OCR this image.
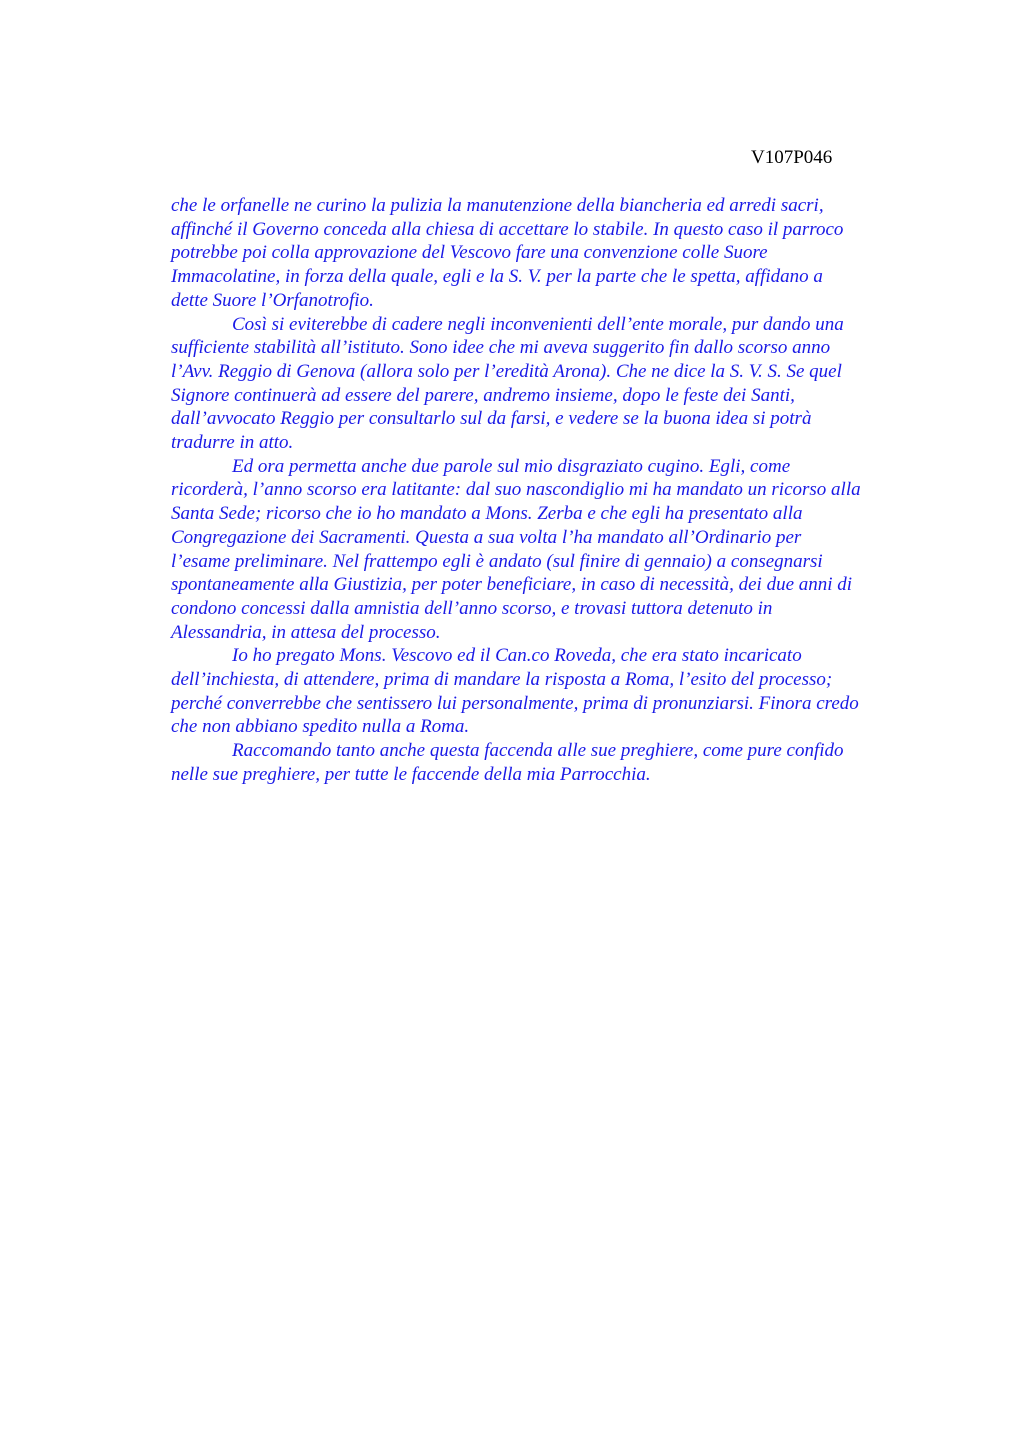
V107P046

che le orfanelle ne curino la pulizia la manutenzione della biancheria ed arredi sacri,
affinché il Governo conceda alla chiesa di accettare lo stabile. In questo caso il parroco
potrebbe poi colla approvazione del Vescovo fare una convenzione colle Suore
Immacolatine, in forza della quale, egli e la S. V. per la parte che le spetta, affidano a
dette Suore l’Orfanotrofio.

Così si eviterebbe di cadere negli inconvenienti dell’ente morale, pur dando una
sufficiente stabilità all’istituto. Sono idee che mi aveva suggerito fin dallo scorso anno
l’Avv. Reggio di Genova (allora solo per l’eredità Arona). Che ne dice la S. V. S. Se quel
Signore continuerà ad essere del parere, andremo insieme, dopo le feste dei Santi,
dall’avvocato Reggio per consultarlo sul da farsi, e vedere se la buona idea si potrà
tradurre in atto.

Ed ora permetta anche due parole sul mio disgraziato cugino. Egli, come
ricorderà, l’anno scorso era latitante: dal suo nascondiglio mi ha mandato un ricorso alla
Santa Sede; ricorso che io ho mandato a Mons. Zerba e che egli ha presentato alla
Congregazione dei Sacramenti. Questa a sua volta l’ha mandato all’Ordinario per
l’esame preliminare. Nel frattempo egli è andato (sul finire di gennaio) a consegnarsi
spontaneamente alla Giustizia, per poter beneficiare, in caso di necessità, dei due anni di
condono concessi dalla amnistia dell’anno scorso, e trovasi tuttora detenuto in
Alessandria, in attesa del processo.

Io ho pregato Mons. Vescovo ed il Can.co Roveda, che era stato incaricato
dell’inchiesta, di attendere, prima di mandare la risposta a Roma, l’esito del processo;
perché converrebbe che sentissero lui personalmente, prima di pronunziarsi. Finora credo
che non abbiano spedito nulla a Roma.

Raccomando tanto anche questa faccenda alle sue preghiere, come pure confido
nelle sue preghiere, per tutte le faccende della mia Parrocchia.
